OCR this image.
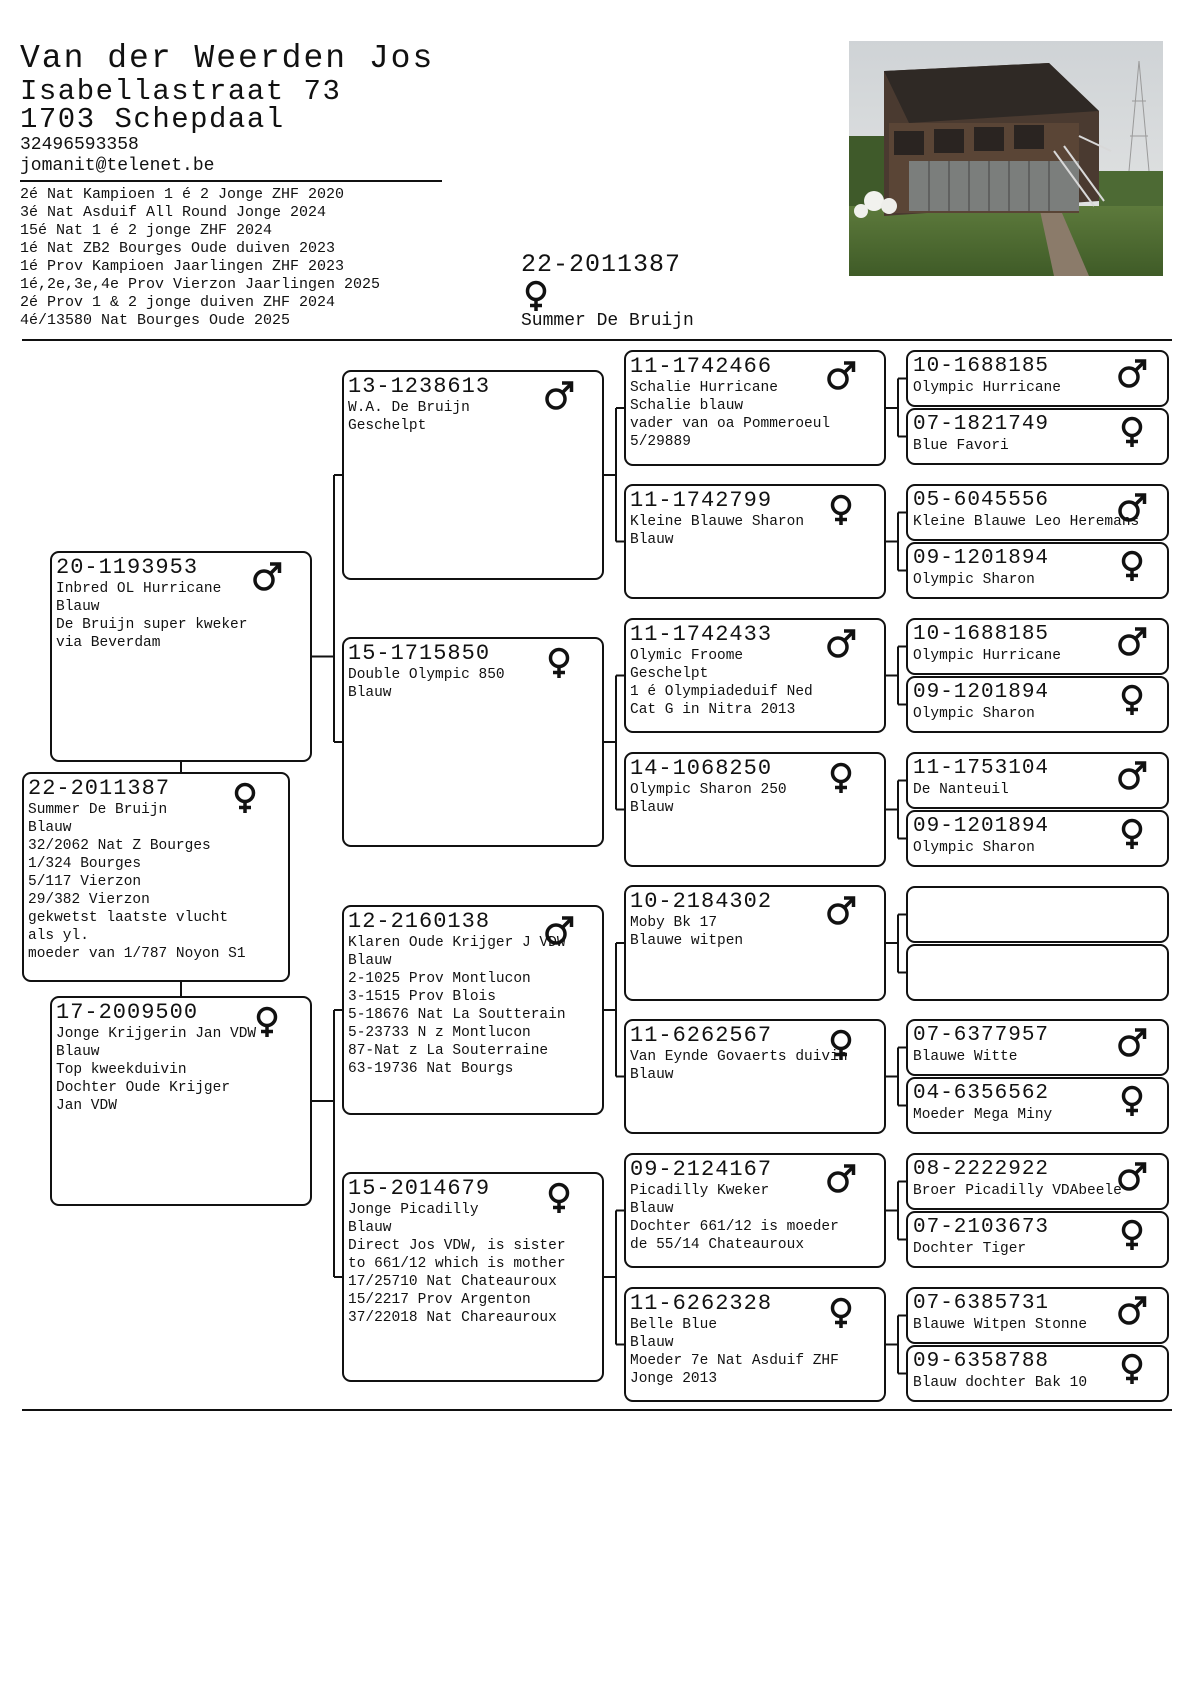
Van der Weerden Jos
Isabellastraat 73
1703 Schepdaal
32496593358
jomanit@telenet.be
2é Nat Kampioen 1 é 2 Jonge ZHF 2020
3é Nat Asduif All Round Jonge 2024
15é Nat 1 é 2 jonge ZHF 2024
1é Nat ZB2 Bourges Oude duiven 2023
1é Prov Kampioen Jaarlingen ZHF 2023
1é,2e,3e,4e Prov Vierzon Jaarlingen 2025
2é Prov 1 & 2 jonge duiven ZHF 2024
4é/13580 Nat Bourges Oude 2025
22-2011387
Summer De Bruijn
20-1193953
Inbred OL Hurricane
Blauw
De Bruijn super kweker
via Beverdam
17-2009500
Jonge Krijgerin Jan VDW
Blauw
Top kweekduivin
Dochter Oude Krijger
Jan VDW
22-2011387
Summer De Bruijn
Blauw
32/2062 Nat Z Bourges
1/324 Bourges
5/117 Vierzon
29/382 Vierzon
gekwetst laatste vlucht
als yl.
moeder van 1/787 Noyon S1
13-1238613
W.A. De Bruijn
Geschelpt
15-1715850
Double Olympic 850
Blauw
12-2160138
Klaren Oude Krijger J VDW
Blauw
2-1025 Prov Montlucon
3-1515 Prov Blois
5-18676 Nat La Soutterain
5-23733 N z Montlucon
87-Nat z La Souterraine
63-19736 Nat Bourgs
15-2014679
Jonge Picadilly
Blauw
Direct Jos VDW, is sister
to 661/12 which is mother
17/25710 Nat Chateauroux
15/2217 Prov Argenton
37/22018 Nat Chareauroux
11-1742466
Schalie Hurricane
Schalie blauw
vader van oa Pommeroeul
5/29889
11-1742799
Kleine Blauwe Sharon
Blauw
11-1742433
Olymic Froome
Geschelpt
1 é Olympiadeduif Ned
Cat G in Nitra 2013
14-1068250
Olympic Sharon 250
Blauw
10-2184302
Moby Bk 17
Blauwe witpen
11-6262567
Van Eynde Govaerts duivin
Blauw
09-2124167
Picadilly Kweker
Blauw
Dochter 661/12 is moeder
de 55/14 Chateauroux
11-6262328
Belle Blue
Blauw
Moeder 7e Nat Asduif ZHF
Jonge 2013
10-1688185
Olympic Hurricane
07-1821749
Blue Favori
05-6045556
Kleine Blauwe Leo Heremans
09-1201894
Olympic Sharon
10-1688185
Olympic Hurricane
09-1201894
Olympic Sharon
11-1753104
De Nanteuil
09-1201894
Olympic Sharon
07-6377957
Blauwe Witte
04-6356562
Moeder Mega Miny
08-2222922
Broer Picadilly VDAbeele
07-2103673
Dochter Tiger
07-6385731
Blauwe Witpen Stonne
09-6358788
Blauw dochter Bak 10
